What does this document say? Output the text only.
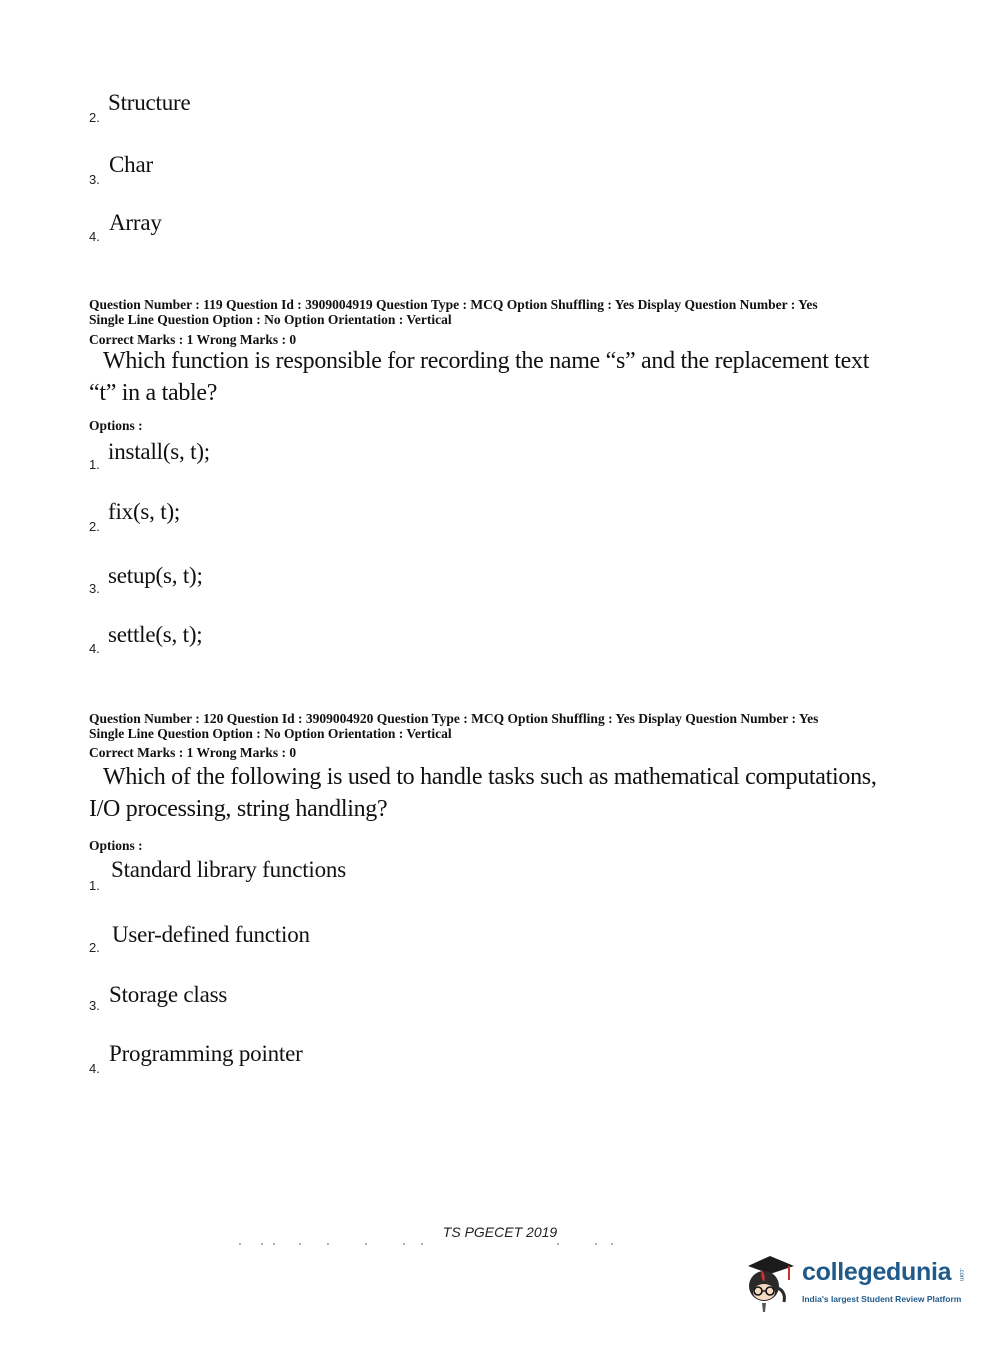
2.
Structure
3.
Char
4.
Array
Question Number : 119 Question Id : 3909004919 Question Type : MCQ Option Shuffling : Yes Display Question Number : Yes
Single Line Question Option : No Option Orientation : Vertical
Correct Marks : 1 Wrong Marks : 0
Which function is responsible for recording the name “s” and the replacement text
“t” in a table?
Options :
1.
install(s, t);
2.
fix(s, t);
3.
setup(s, t);
4.
settle(s, t);
Question Number : 120 Question Id : 3909004920 Question Type : MCQ Option Shuffling : Yes Display Question Number : Yes
Single Line Question Option : No Option Orientation : Vertical
Correct Marks : 1 Wrong Marks : 0
Which of the following is used to handle tasks such as mathematical computations,
I/O processing, string handling?
Options :
1.
Standard library functions
2.
User-defined function
3. Storage class
4.
Programming pointer
TS PGECET 2019
collegedunia .com
India's largest Student Review Platform
